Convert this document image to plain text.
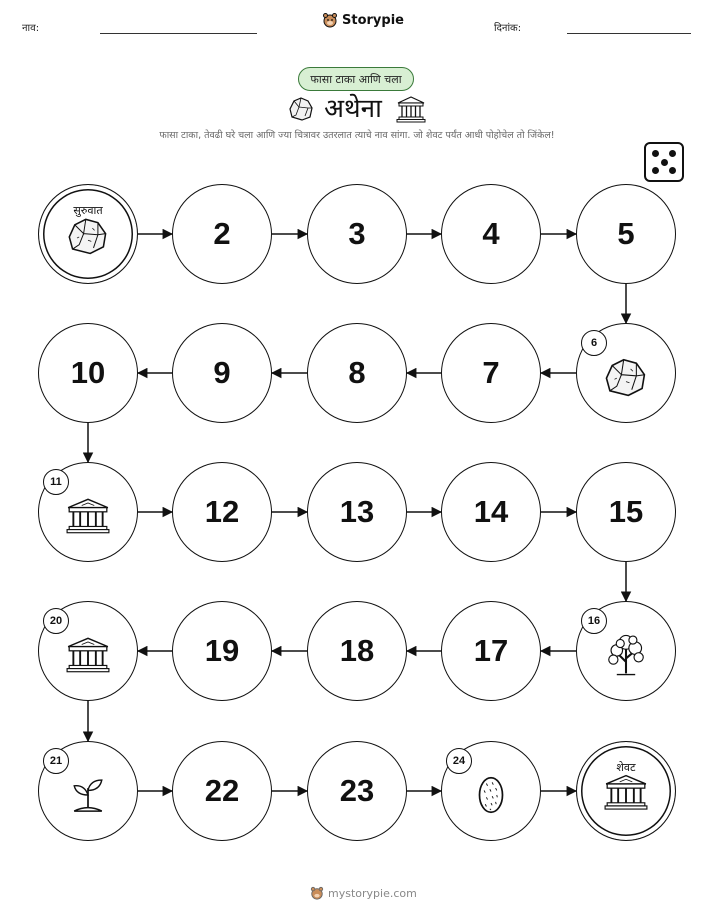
नाव:
Storypie
दिनांक:
फासा टाका आणि चला
अथेना
फासा टाका, तेवढी घरे चला आणि ज्या चित्रावर उतरलात त्याचे नाव सांगा. जो शेवट पर्यंत आधी पोहोचेल तो जिंकेल!
सुरुवात
2	3	4	5
6
7
8
9
10
11
12	13	14	15
16
17
18
19
20
21
22	23
24	शेवट
mystorypie.com
